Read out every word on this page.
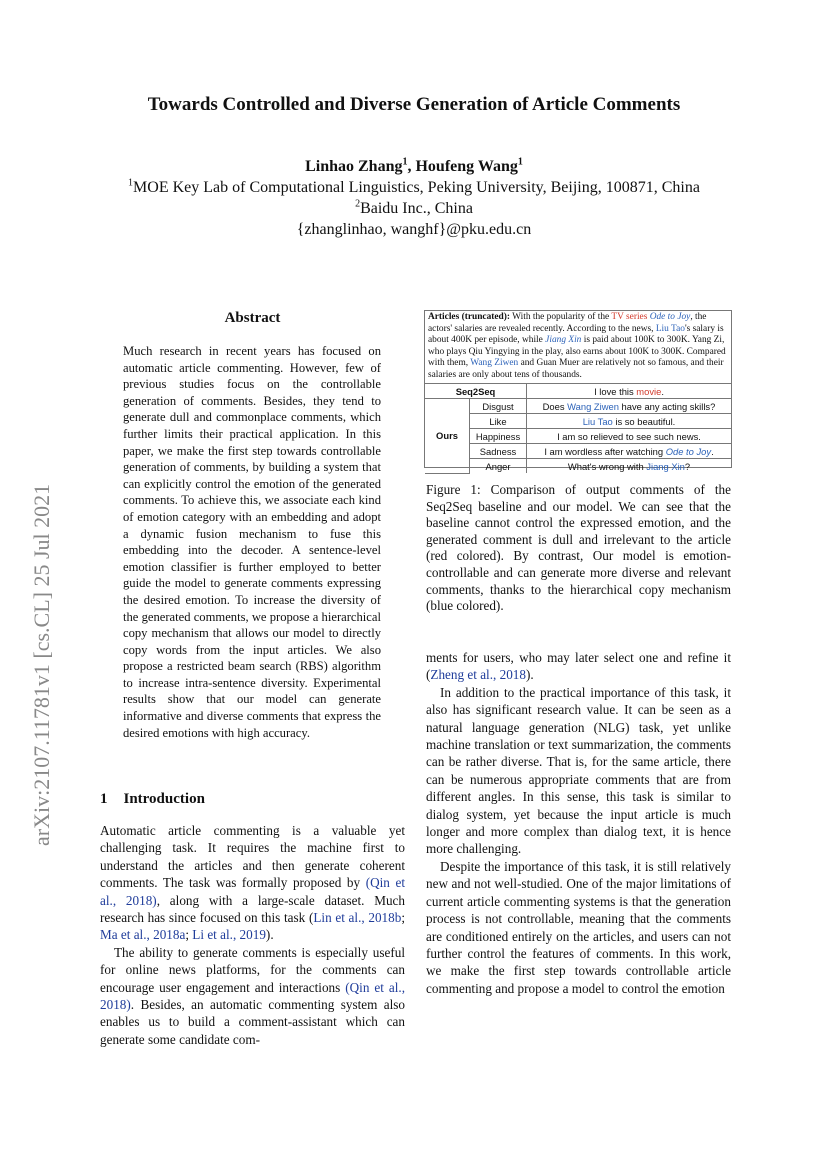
arXiv:2107.11781v1 [cs.CL] 25 Jul 2021
Towards Controlled and Diverse Generation of Article Comments
Linhao Zhang$^1$, Houfeng Wang$^1$
$^1$MOE Key Lab of Computational Linguistics, Peking University, Beijing, 100871, China
$^2$Baidu Inc., China
{zhanglinhao, wanghf}@pku.edu.cn
Abstract
Much research in recent years has focused on automatic article commenting. However, few of previous studies focus on the controllable generation of comments. Besides, they tend to generate dull and commonplace comments, which further limits their practical application. In this paper, we make the first step towards controllable generation of comments, by building a system that can explicitly control the emotion of the generated comments. To achieve this, we associate each kind of emotion category with an embedding and adopt a dynamic fusion mechanism to fuse this embedding into the decoder. A sentence-level emotion classifier is further employed to better guide the model to generate comments expressing the desired emotion. To increase the diversity of the generated comments, we propose a hierarchical copy mechanism that allows our model to directly copy words from the input articles. We also propose a restricted beam search (RBS) algorithm to increase intra-sentence diversity. Experimental results show that our model can generate informative and diverse comments that express the desired emotions with high accuracy.
1 Introduction

Automatic article commenting is a valuable yet challenging task. It requires the machine first to understand the articles and then generate coherent comments. The task was formally proposed by (Qin et al., 2018), along with a large-scale dataset. Much research has since focused on this task (Lin et al., 2018b; Ma et al., 2018a; Li et al., 2019).

The ability to generate comments is especially useful for online news platforms, for the comments can encourage user engagement and interactions (Qin et al., 2018). Besides, an automatic commenting system also enables us to build a comment-assistant which can generate some candidate com-

Articles (truncated): With the popularity of the TV series Ode to Joy, the actors' salaries are revealed recently. According to the news, Liu Tao's salary is about 400K per episode, while Jiang Xin is paid about 100K to 300K. Yang Zi, who plays Qiu Yingying in the play, also earns about 100K to 300K. Compared with them, Wang Ziwen and Guan Muer are relatively not so famous, and their salaries are only about tens of thousands.
Seq2Seq		I love this movie.
Ours	Disgust	Does Wang Ziwen have any acting skills?
	Like	Liu Tao is so beautiful.
	Happiness	I am so relieved to see such news.
	Sadness	I am wordless after watching Ode to Joy.
	Anger	What's wrong with Jiang Xin?
Figure 1: Comparison of output comments of the Seq2Seq baseline and our model. We can see that the baseline cannot control the expressed emotion, and the generated comment is dull and irrelevant to the article (red colored). By contrast, Our model is emotion-controllable and can generate more diverse and relevant comments, thanks to the hierarchical copy mechanism (blue colored).

ments for users, who may later select one and refine it (Zheng et al., 2018).

In addition to the practical importance of this task, it also has significant research value. It can be seen as a natural language generation (NLG) task, yet unlike machine translation or text summarization, the comments can be rather diverse. That is, for the same article, there can be numerous appropriate comments that are from different angles. In this sense, this task is similar to dialog system, yet because the input article is much longer and more complex than dialog text, it is hence more challenging.

Despite the importance of this task, it is still relatively new and not well-studied. One of the major limitations of current article commenting systems is that the generation process is not controllable, meaning that the comments are conditioned entirely on the articles, and users can not further control the features of comments. In this work, we make the first step towards controllable article commenting and propose a model to control the emotion
